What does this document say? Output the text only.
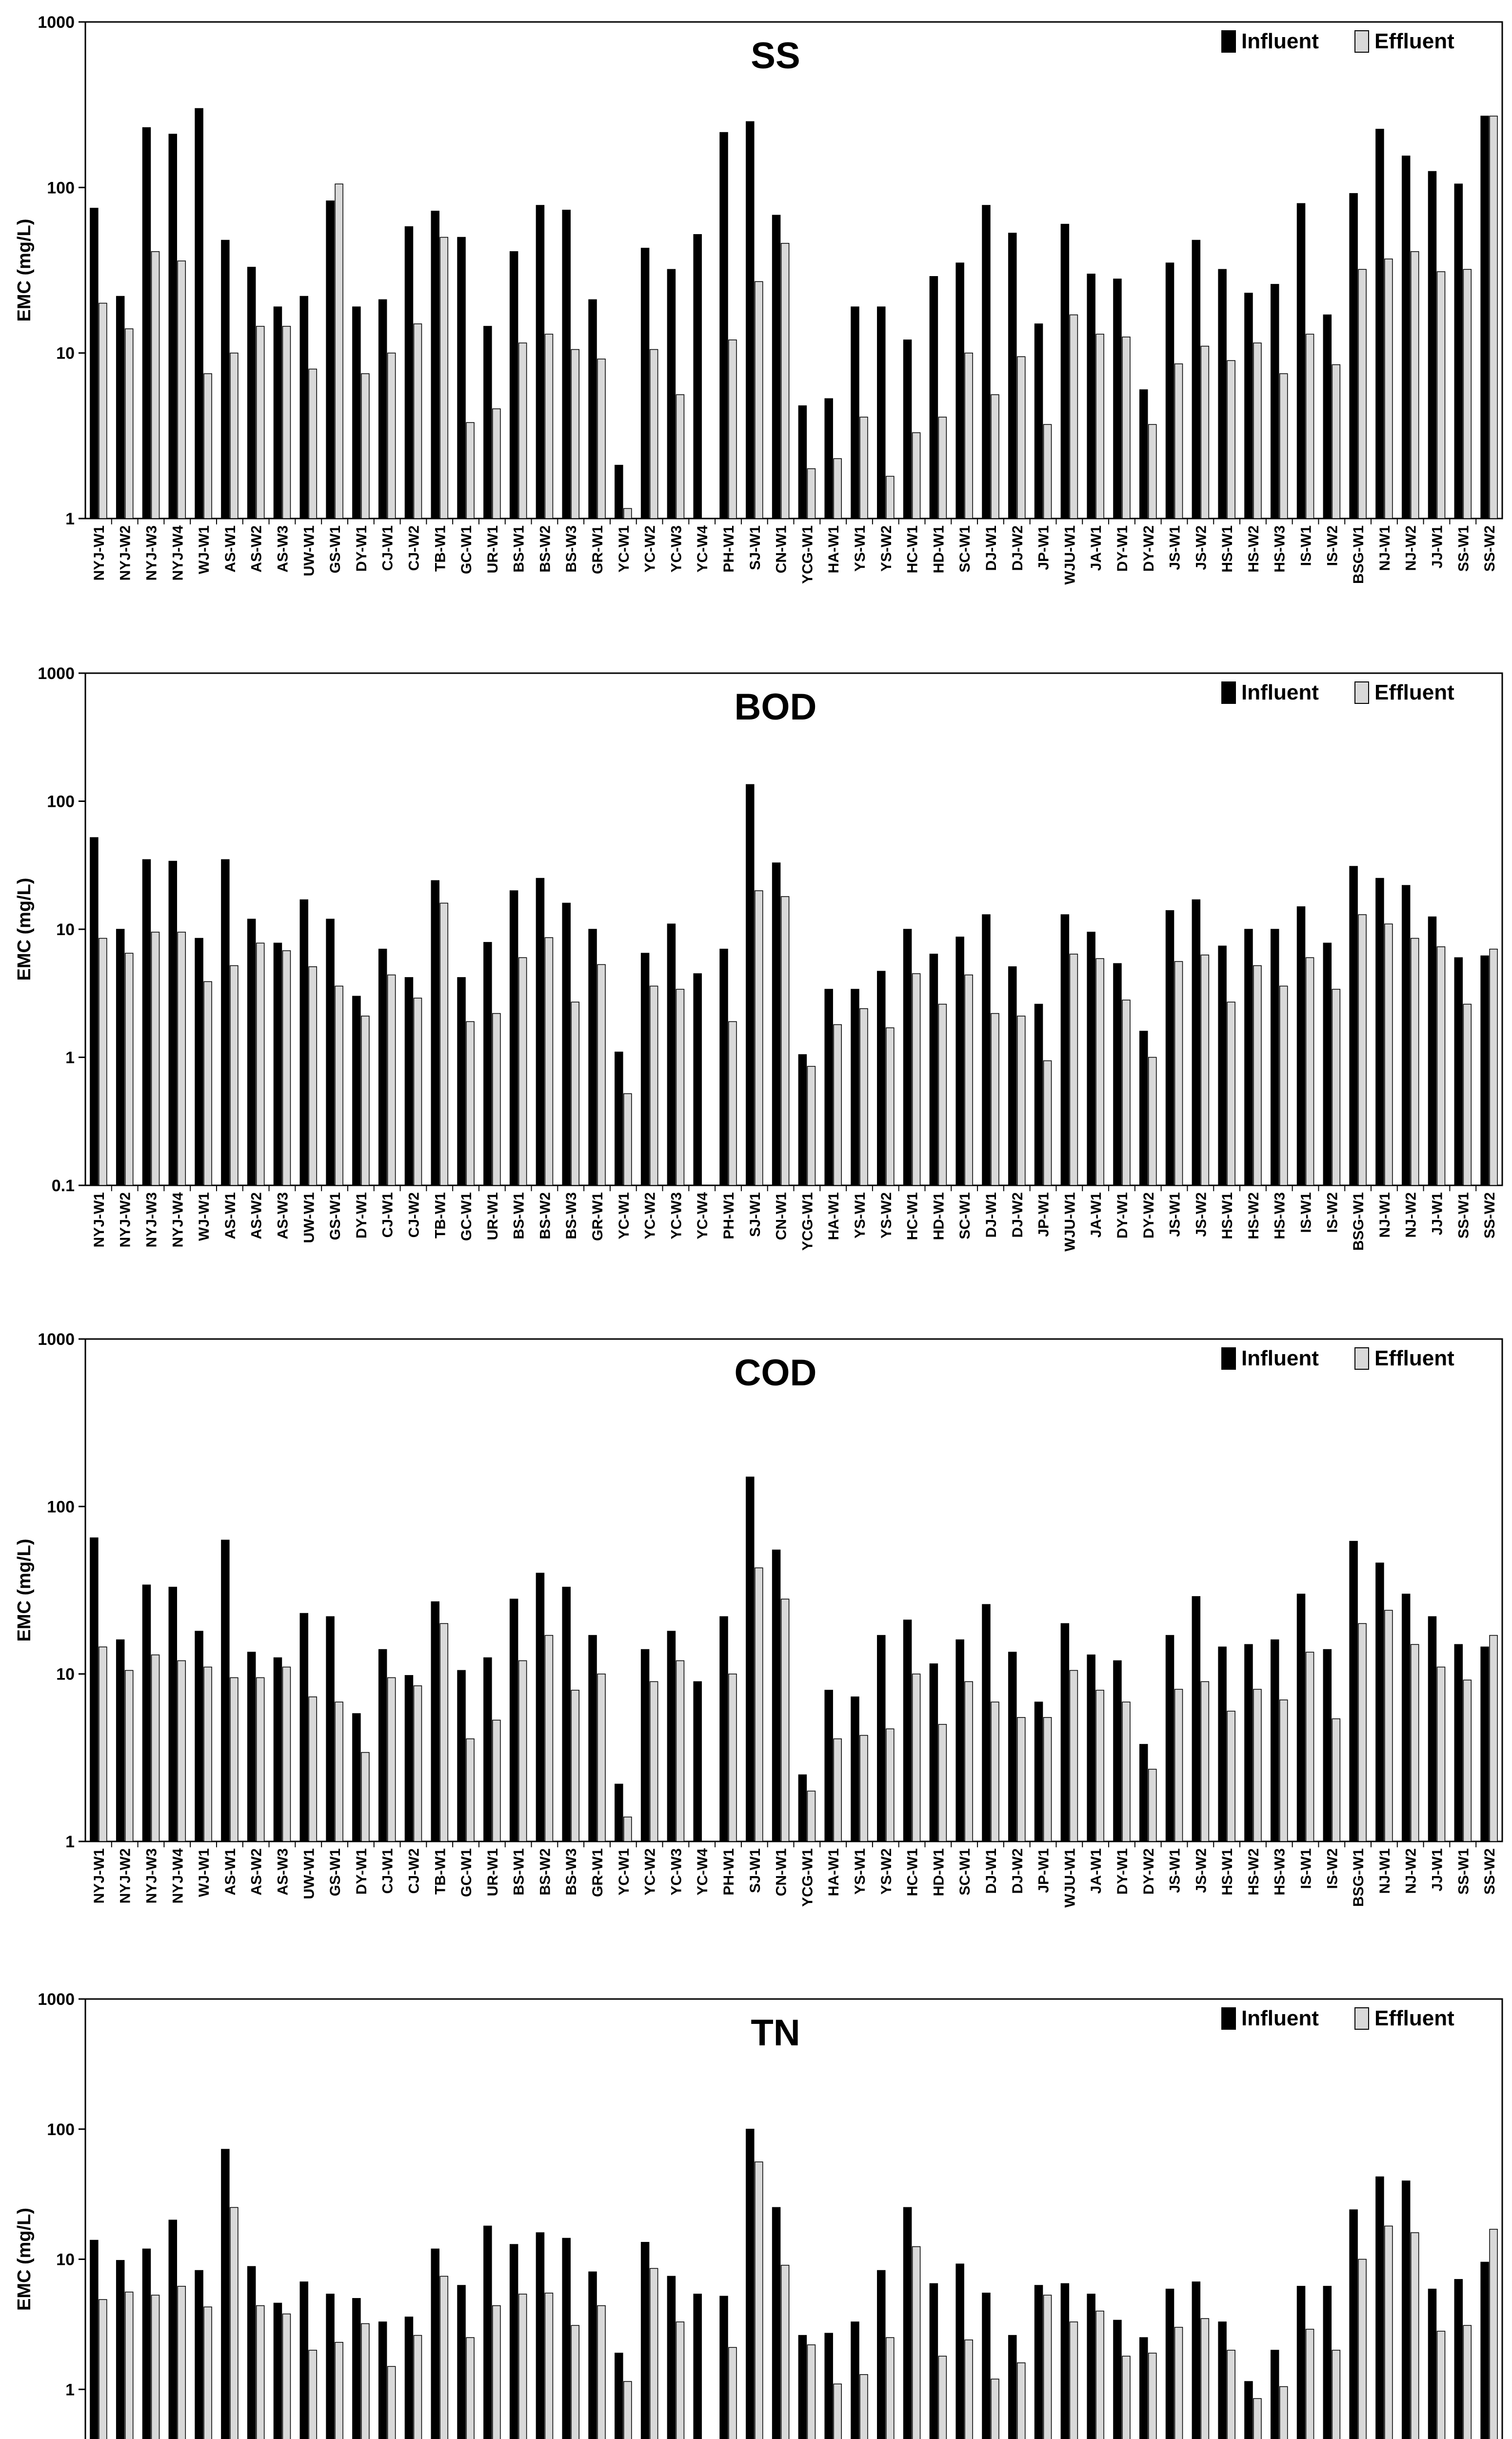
1
10
100
1000
EMC (mg/L)
SS	Influent	Effluent
NYJ-W1 NYJ-W2 NYJ-W3 NYJ-W4 WJ-W1 AS-W1 AS-W2 AS-W3 UW-W1 GS-W1 DY-W1 CJ-W1 CJ-W2 TB-W1 GC-W1 UR-W1 BS-W1 BS-W2 BS-W3 GR-W1 YC-W1 YC-W2 YC-W3 YC-W4 PH-W1 SJ-W1 CN-W1 YCG-W1 HA-W1 YS-W1 YS-W2 HC-W1 HD-W1 SC-W1 DJ-W1 DJ-W2 JP-W1 WJU-W1 JA-W1 DY-W1 DY-W2 JS-W1 JS-W2 HS-W1 HS-W2 HS-W3 IS-W1 IS-W2 BSG-W1 NJ-W1 NJ-W2 JJ-W1 SS-W1 SS-W2
0.1
1
10
100
1000
EMC (mg/L)
BOD	Influent	Effluent
NYJ-W1 NYJ-W2 NYJ-W3 NYJ-W4 WJ-W1 AS-W1 AS-W2 AS-W3 UW-W1 GS-W1 DY-W1 CJ-W1 CJ-W2 TB-W1 GC-W1 UR-W1 BS-W1 BS-W2 BS-W3 GR-W1 YC-W1 YC-W2 YC-W3 YC-W4 PH-W1 SJ-W1 CN-W1 YCG-W1 HA-W1 YS-W1 YS-W2 HC-W1 HD-W1 SC-W1 DJ-W1 DJ-W2 JP-W1 WJU-W1 JA-W1 DY-W1 DY-W2 JS-W1 JS-W2 HS-W1 HS-W2 HS-W3 IS-W1 IS-W2 BSG-W1 NJ-W1 NJ-W2 JJ-W1 SS-W1 SS-W2
1
10
100
1000
EMC (mg/L)
COD	Influent	Effluent
NYJ-W1 NYJ-W2 NYJ-W3 NYJ-W4 WJ-W1 AS-W1 AS-W2 AS-W3 UW-W1 GS-W1 DY-W1 CJ-W1 CJ-W2 TB-W1 GC-W1 UR-W1 BS-W1 BS-W2 BS-W3 GR-W1 YC-W1 YC-W2 YC-W3 YC-W4 PH-W1 SJ-W1 CN-W1 YCG-W1 HA-W1 YS-W1 YS-W2 HC-W1 HD-W1 SC-W1 DJ-W1 DJ-W2 JP-W1 WJU-W1 JA-W1 DY-W1 DY-W2 JS-W1 JS-W2 HS-W1 HS-W2 HS-W3 IS-W1 IS-W2 BSG-W1 NJ-W1 NJ-W2 JJ-W1 SS-W1 SS-W2
1
10
100
1000
EMC (mg/L)
TN	Influent	Effluent
